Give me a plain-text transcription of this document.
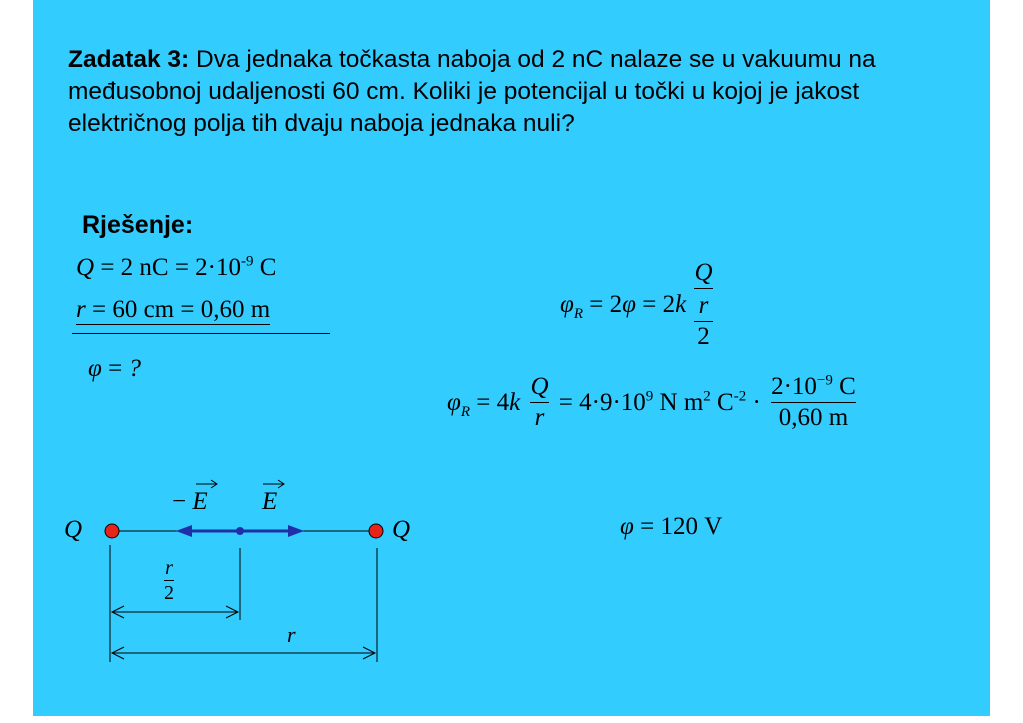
Zadatak 3: Dva jednaka točkasta naboja od 2 nC nalaze se u vakuumu na međusobnoj udaljenosti 60 cm. Koliki je potencijal u točki u kojoj je jakost električnog polja tih dvaju naboja jednaka nuli?
Rješenje:
Q = 2 nC = $2\cdot 10^{-9}$ C
r = 60 cm = 0,60 m
φ = ?
$\varphi_R = 2\varphi = 2k$ Q
r
2
$\varphi_R = 4k \frac{Q}{r} = 4\cdot 9\cdot 10^9$ N $m^2$ $C^{-2} \cdot \frac{2\cdot 10^{-9} C}{0,60 m}$
φ = 120 V
Q	Q
− E E
$\frac{r}{2}$
r
